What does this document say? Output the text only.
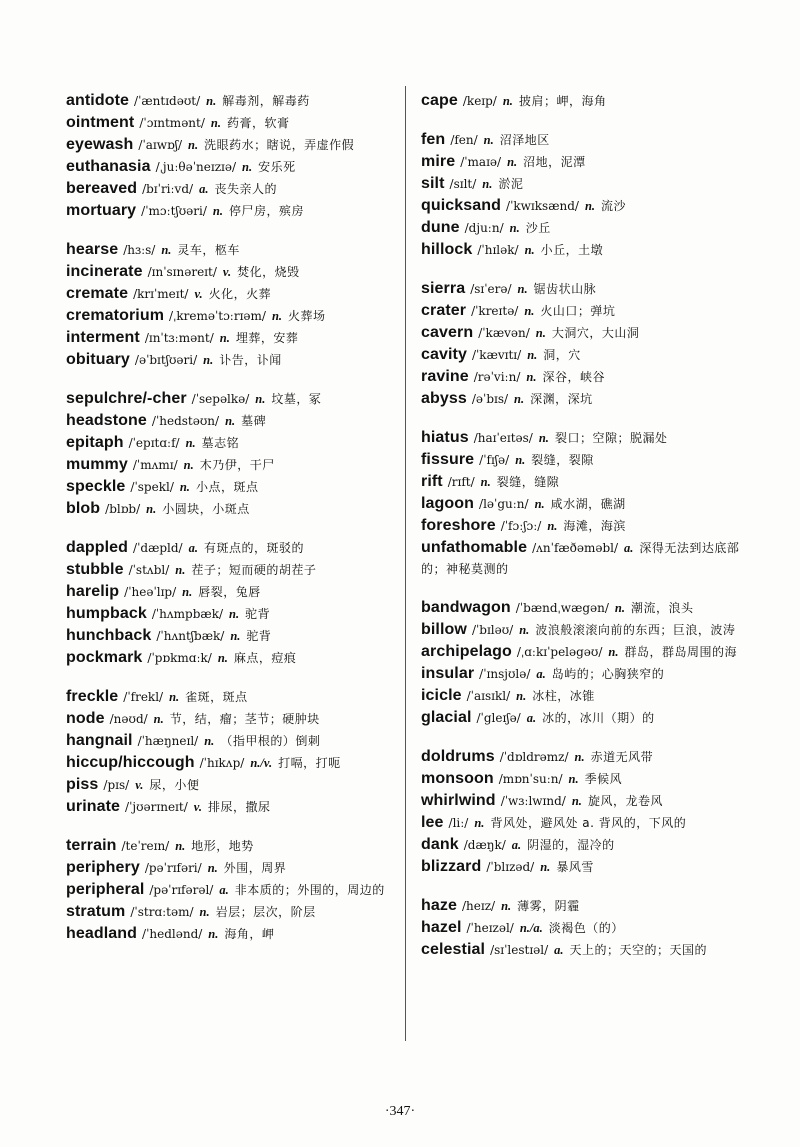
antidote /ˈæntɪdəʊt/ n. 解毒剂，解毒药
ointment /ˈɔɪntmənt/ n. 药膏，软膏
eyewash /ˈaɪwɒʃ/ n. 洗眼药水；瞎说，弄虚作假
euthanasia /ˌjuːθəˈneɪzɪə/ n. 安乐死
bereaved /bɪˈriːvd/ a. 丧失亲人的
mortuary /ˈmɔːtʃʊəri/ n. 停尸房，殡房
hearse /hɜːs/ n. 灵车，柩车
incinerate /ɪnˈsɪnəreɪt/ v. 焚化，烧毁
cremate /krɪˈmeɪt/ v. 火化，火葬
crematorium /ˌkreməˈtɔːrɪəm/ n. 火葬场
interment /ɪnˈtɜːmənt/ n. 埋葬，安葬
obituary /əˈbɪtʃʊəri/ n. 讣告，讣闻
sepulchre/-cher /ˈsepəlkə/ n. 坟墓，冢
headstone /ˈhedstəʊn/ n. 墓碑
epitaph /ˈepɪtɑːf/ n. 墓志铭
mummy /ˈmʌmɪ/ n. 木乃伊，干尸
speckle /ˈspekl/ n. 小点，斑点
blob /blɒb/ n. 小圆块，小斑点
dappled /ˈdæpld/ a. 有斑点的，斑驳的
stubble /ˈstʌbl/ n. 茬子；短而硬的胡茬子
harelip /ˈheəˈlɪp/ n. 唇裂，兔唇
humpback /ˈhʌmpbæk/ n. 驼背
hunchback /ˈhʌntʃbæk/ n. 驼背
pockmark /ˈpɒkmɑːk/ n. 麻点，痘痕
freckle /ˈfrekl/ n. 雀斑，斑点
node /nəʊd/ n. 节，结，瘤；茎节；硬肿块
hangnail /ˈhæŋneɪl/ n. （指甲根的）倒刺
hiccup/hiccough /ˈhɪkʌp/ n./v. 打嗝，打呃
piss /pɪs/ v. 尿，小便
urinate /ˈjʊərɪneɪt/ v. 排尿，撒尿
terrain /teˈreɪn/ n. 地形，地势
periphery /pəˈrɪfəri/ n. 外围，周界
peripheral /pəˈrɪfərəl/ a. 非本质的；外围的，周边的
stratum /ˈstrɑːtəm/ n. 岩层；层次，阶层
headland /ˈhedlənd/ n. 海角，岬
cape /keɪp/ n. 披肩；岬，海角
fen /fen/ n. 沼泽地区
mire /ˈmaɪə/ n. 沼地，泥潭
silt /sɪlt/ n. 淤泥
quicksand /ˈkwɪksænd/ n. 流沙
dune /djuːn/ n. 沙丘
hillock /ˈhɪlək/ n. 小丘，土墩
sierra /sɪˈerə/ n. 锯齿状山脉
crater /ˈkreɪtə/ n. 火山口；弹坑
cavern /ˈkævən/ n. 大洞穴，大山洞
cavity /ˈkævɪtɪ/ n. 洞，穴
ravine /rəˈviːn/ n. 深谷，峡谷
abyss /əˈbɪs/ n. 深渊，深坑
hiatus /haɪˈeɪtəs/ n. 裂口；空隙；脱漏处
fissure /ˈfɪʃə/ n. 裂缝，裂隙
rift /rɪft/ n. 裂缝，缝隙
lagoon /ləˈguːn/ n. 咸水湖，礁湖
foreshore /ˈfɔːʃɔː/ n. 海滩，海滨
unfathomable /ʌnˈfæðəməbl/ a. 深得无法到达底部的；神秘莫测的
bandwagon /ˈbændˌwægən/ n. 潮流，浪头
billow /ˈbɪləʊ/ n. 波浪般滚滚向前的东西；巨浪，波涛
archipelago /ˌɑːkɪˈpeləgəʊ/ n. 群岛，群岛周围的海
insular /ˈɪnsjʊlə/ a. 岛屿的；心胸狭窄的
icicle /ˈaɪsɪkl/ n. 冰柱，冰锥
glacial /ˈgleɪʃə/ a. 冰的，冰川（期）的
doldrums /ˈdɒldrəmz/ n. 赤道无风带
monsoon /mɒnˈsuːn/ n. 季候风
whirlwind /ˈwɜːlwɪnd/ n. 旋风，龙卷风
lee /liː/ n. 背风处，避风处 a. 背风的，下风的
dank /dæŋk/ a. 阴湿的，湿冷的
blizzard /ˈblɪzəd/ n. 暴风雪
haze /heɪz/ n. 薄雾，阴霾
hazel /ˈheɪzəl/ n./a. 淡褐色（的）
celestial /sɪˈlestɪəl/ a. 天上的；天空的；天国的
·347·
